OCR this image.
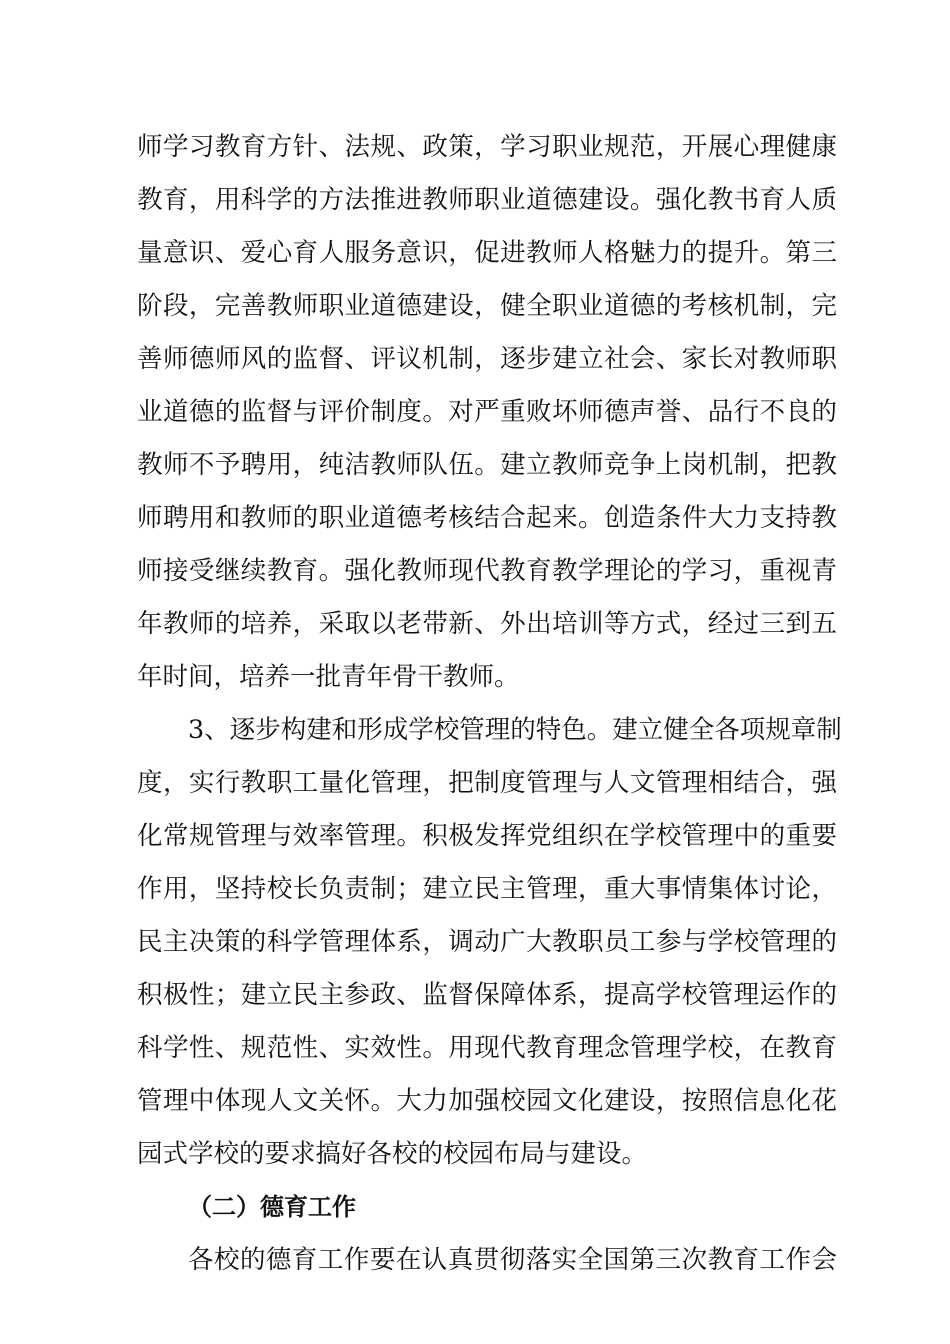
师学习教育方针、法规、政策，学习职业规范，开展心理健康
教育，用科学的方法推进教师职业道德建设。强化教书育人质
量意识、爱心育人服务意识，促进教师人格魅力的提升。第三
阶段，完善教师职业道德建设，健全职业道德的考核机制，完
善师德师风的监督、评议机制，逐步建立社会、家长对教师职
业道德的监督与评价制度。对严重败坏师德声誉、品行不良的
教师不予聘用，纯洁教师队伍。建立教师竞争上岗机制，把教
师聘用和教师的职业道德考核结合起来。创造条件大力支持教
师接受继续教育。强化教师现代教育教学理论的学习，重视青
年教师的培养，采取以老带新、外出培训等方式，经过三到五
年时间，培养一批青年骨干教师。
3、逐步构建和形成学校管理的特色。建立健全各项规章制
度，实行教职工量化管理，把制度管理与人文管理相结合，强
化常规管理与效率管理。积极发挥党组织在学校管理中的重要
作用，坚持校长负责制；建立民主管理，重大事情集体讨论，
民主决策的科学管理体系，调动广大教职员工参与学校管理的
积极性；建立民主参政、监督保障体系，提高学校管理运作的
科学性、规范性、实效性。用现代教育理念管理学校，在教育
管理中体现人文关怀。大力加强校园文化建设，按照信息化花
园式学校的要求搞好各校的校园布局与建设。
（二）德育工作
各校的德育工作要在认真贯彻落实全国第三次教育工作会
